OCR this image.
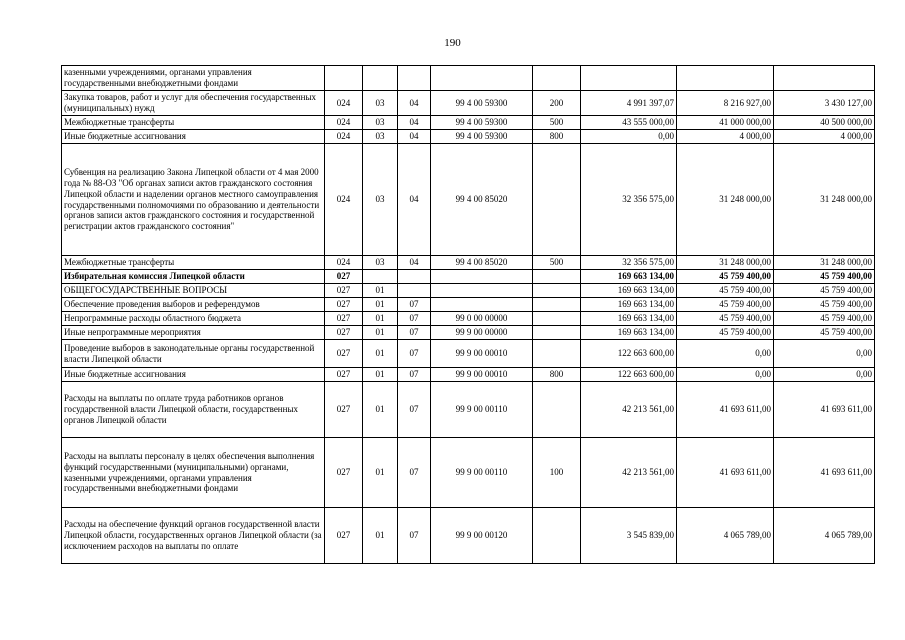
190
казенными учреждениями, органами управления государственными внебюджетными фондами								
Закупка товаров, работ и услуг для обеспечения государственных (муниципальных) нужд	024	03	04	99 4 00 59300	200	4 991 397,07	8 216 927,00	3 430 127,00
Межбюджетные трансферты	024	03	04	99 4 00 59300	500	43 555 000,00	41 000 000,00	40 500 000,00
Иные бюджетные ассигнования	024	03	04	99 4 00 59300	800	0,00	4 000,00	4 000,00
Субвенция на реализацию Закона Липецкой области от 4 мая 2000 года № 88-ОЗ "Об органах записи актов гражданского состояния Липецкой области и наделении органов местного самоуправления государственными полномочиями по образованию и деятельности органов записи актов гражданского состояния и государственной регистрации актов гражданского состояния"	024	03	04	99 4 00 85020		32 356 575,00	31 248 000,00	31 248 000,00
Межбюджетные трансферты	024	03	04	99 4 00 85020	500	32 356 575,00	31 248 000,00	31 248 000,00
Избирательная комиссия Липецкой области	027					169 663 134,00	45 759 400,00	45 759 400,00
ОБЩЕГОСУДАРСТВЕННЫЕ ВОПРОСЫ	027	01				169 663 134,00	45 759 400,00	45 759 400,00
Обеспечение проведения выборов и референдумов	027	01	07			169 663 134,00	45 759 400,00	45 759 400,00
Непрограммные расходы областного бюджета	027	01	07	99 0 00 00000		169 663 134,00	45 759 400,00	45 759 400,00
Иные непрограммные мероприятия	027	01	07	99 9 00 00000		169 663 134,00	45 759 400,00	45 759 400,00
Проведение выборов в законодательные органы государственной власти Липецкой области	027	01	07	99 9 00 00010		122 663 600,00	0,00	0,00
Иные бюджетные ассигнования	027	01	07	99 9 00 00010	800	122 663 600,00	0,00	0,00
Расходы на выплаты по оплате труда работников органов государственной власти Липецкой области, государственных органов Липецкой области	027	01	07	99 9 00 00110		42 213 561,00	41 693 611,00	41 693 611,00
Расходы на выплаты персоналу в целях обеспечения выполнения функций государственными (муниципальными) органами, казенными учреждениями, органами управления государственными внебюджетными фондами	027	01	07	99 9 00 00110	100	42 213 561,00	41 693 611,00	41 693 611,00
Расходы на обеспечение функций органов государственной власти Липецкой области, государственных органов Липецкой области (за исключением расходов на выплаты по оплате	027	01	07	99 9 00 00120		3 545 839,00	4 065 789,00	4 065 789,00
